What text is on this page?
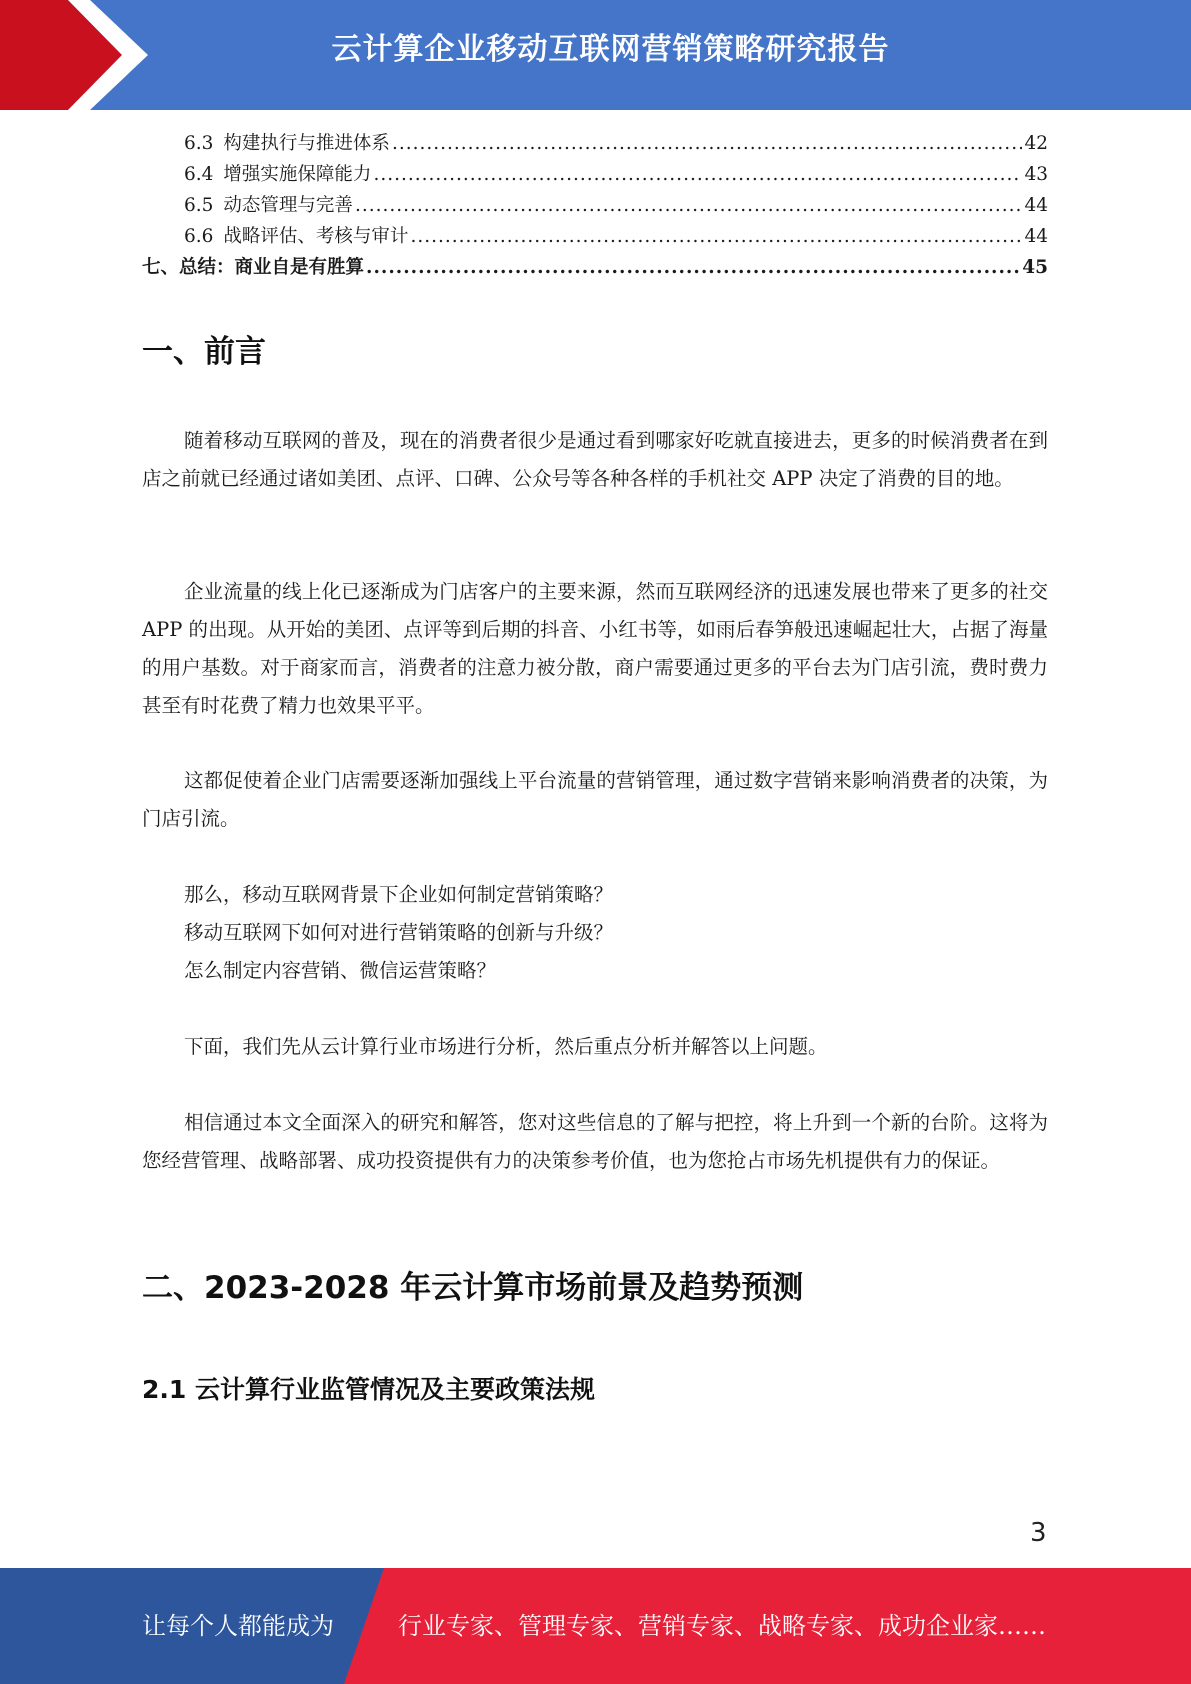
云计算企业移动互联网营销策略研究报告
6.3 构建执行与推进体系 .....	42
6.4 增强实施保障能力 .....	43
6.5 动态管理与完善 .....	44
6.6 战略评估、考核与审计 .....	44
七、总结：商业自是有胜算 .....	45
一、前言

随着移动互联网的普及，现在的消费者很少是通过看到哪家好吃就直接进去，更多的时候消费者在到店之前就已经通过诸如美团、点评、口碑、公众号等各种各样的手机社交 APP 决定了消费的目的地。

企业流量的线上化已逐渐成为门店客户的主要来源，然而互联网经济的迅速发展也带来了更多的社交 APP 的出现。从开始的美团、点评等到后期的抖音、小红书等，如雨后春笋般迅速崛起壮大，占据了海量的用户基数。对于商家而言，消费者的注意力被分散，商户需要通过更多的平台去为门店引流，费时费力甚至有时花费了精力也效果平平。

这都促使着企业门店需要逐渐加强线上平台流量的营销管理，通过数字营销来影响消费者的决策，为门店引流。

那么，移动互联网背景下企业如何制定营销策略？

移动互联网下如何对进行营销策略的创新与升级？

怎么制定内容营销、微信运营策略？

下面，我们先从云计算行业市场进行分析，然后重点分析并解答以上问题。

相信通过本文全面深入的研究和解答，您对这些信息的了解与把控，将上升到一个新的台阶。这将为您经营管理、战略部署、成功投资提供有力的决策参考价值，也为您抢占市场先机提供有力的保证。

二、2023-2028 年云计算市场前景及趋势预测
2.1 云计算行业监管情况及主要政策法规
3
让每个人都能成为	行业专家、管理专家、营销专家、战略专家、成功企业家……
